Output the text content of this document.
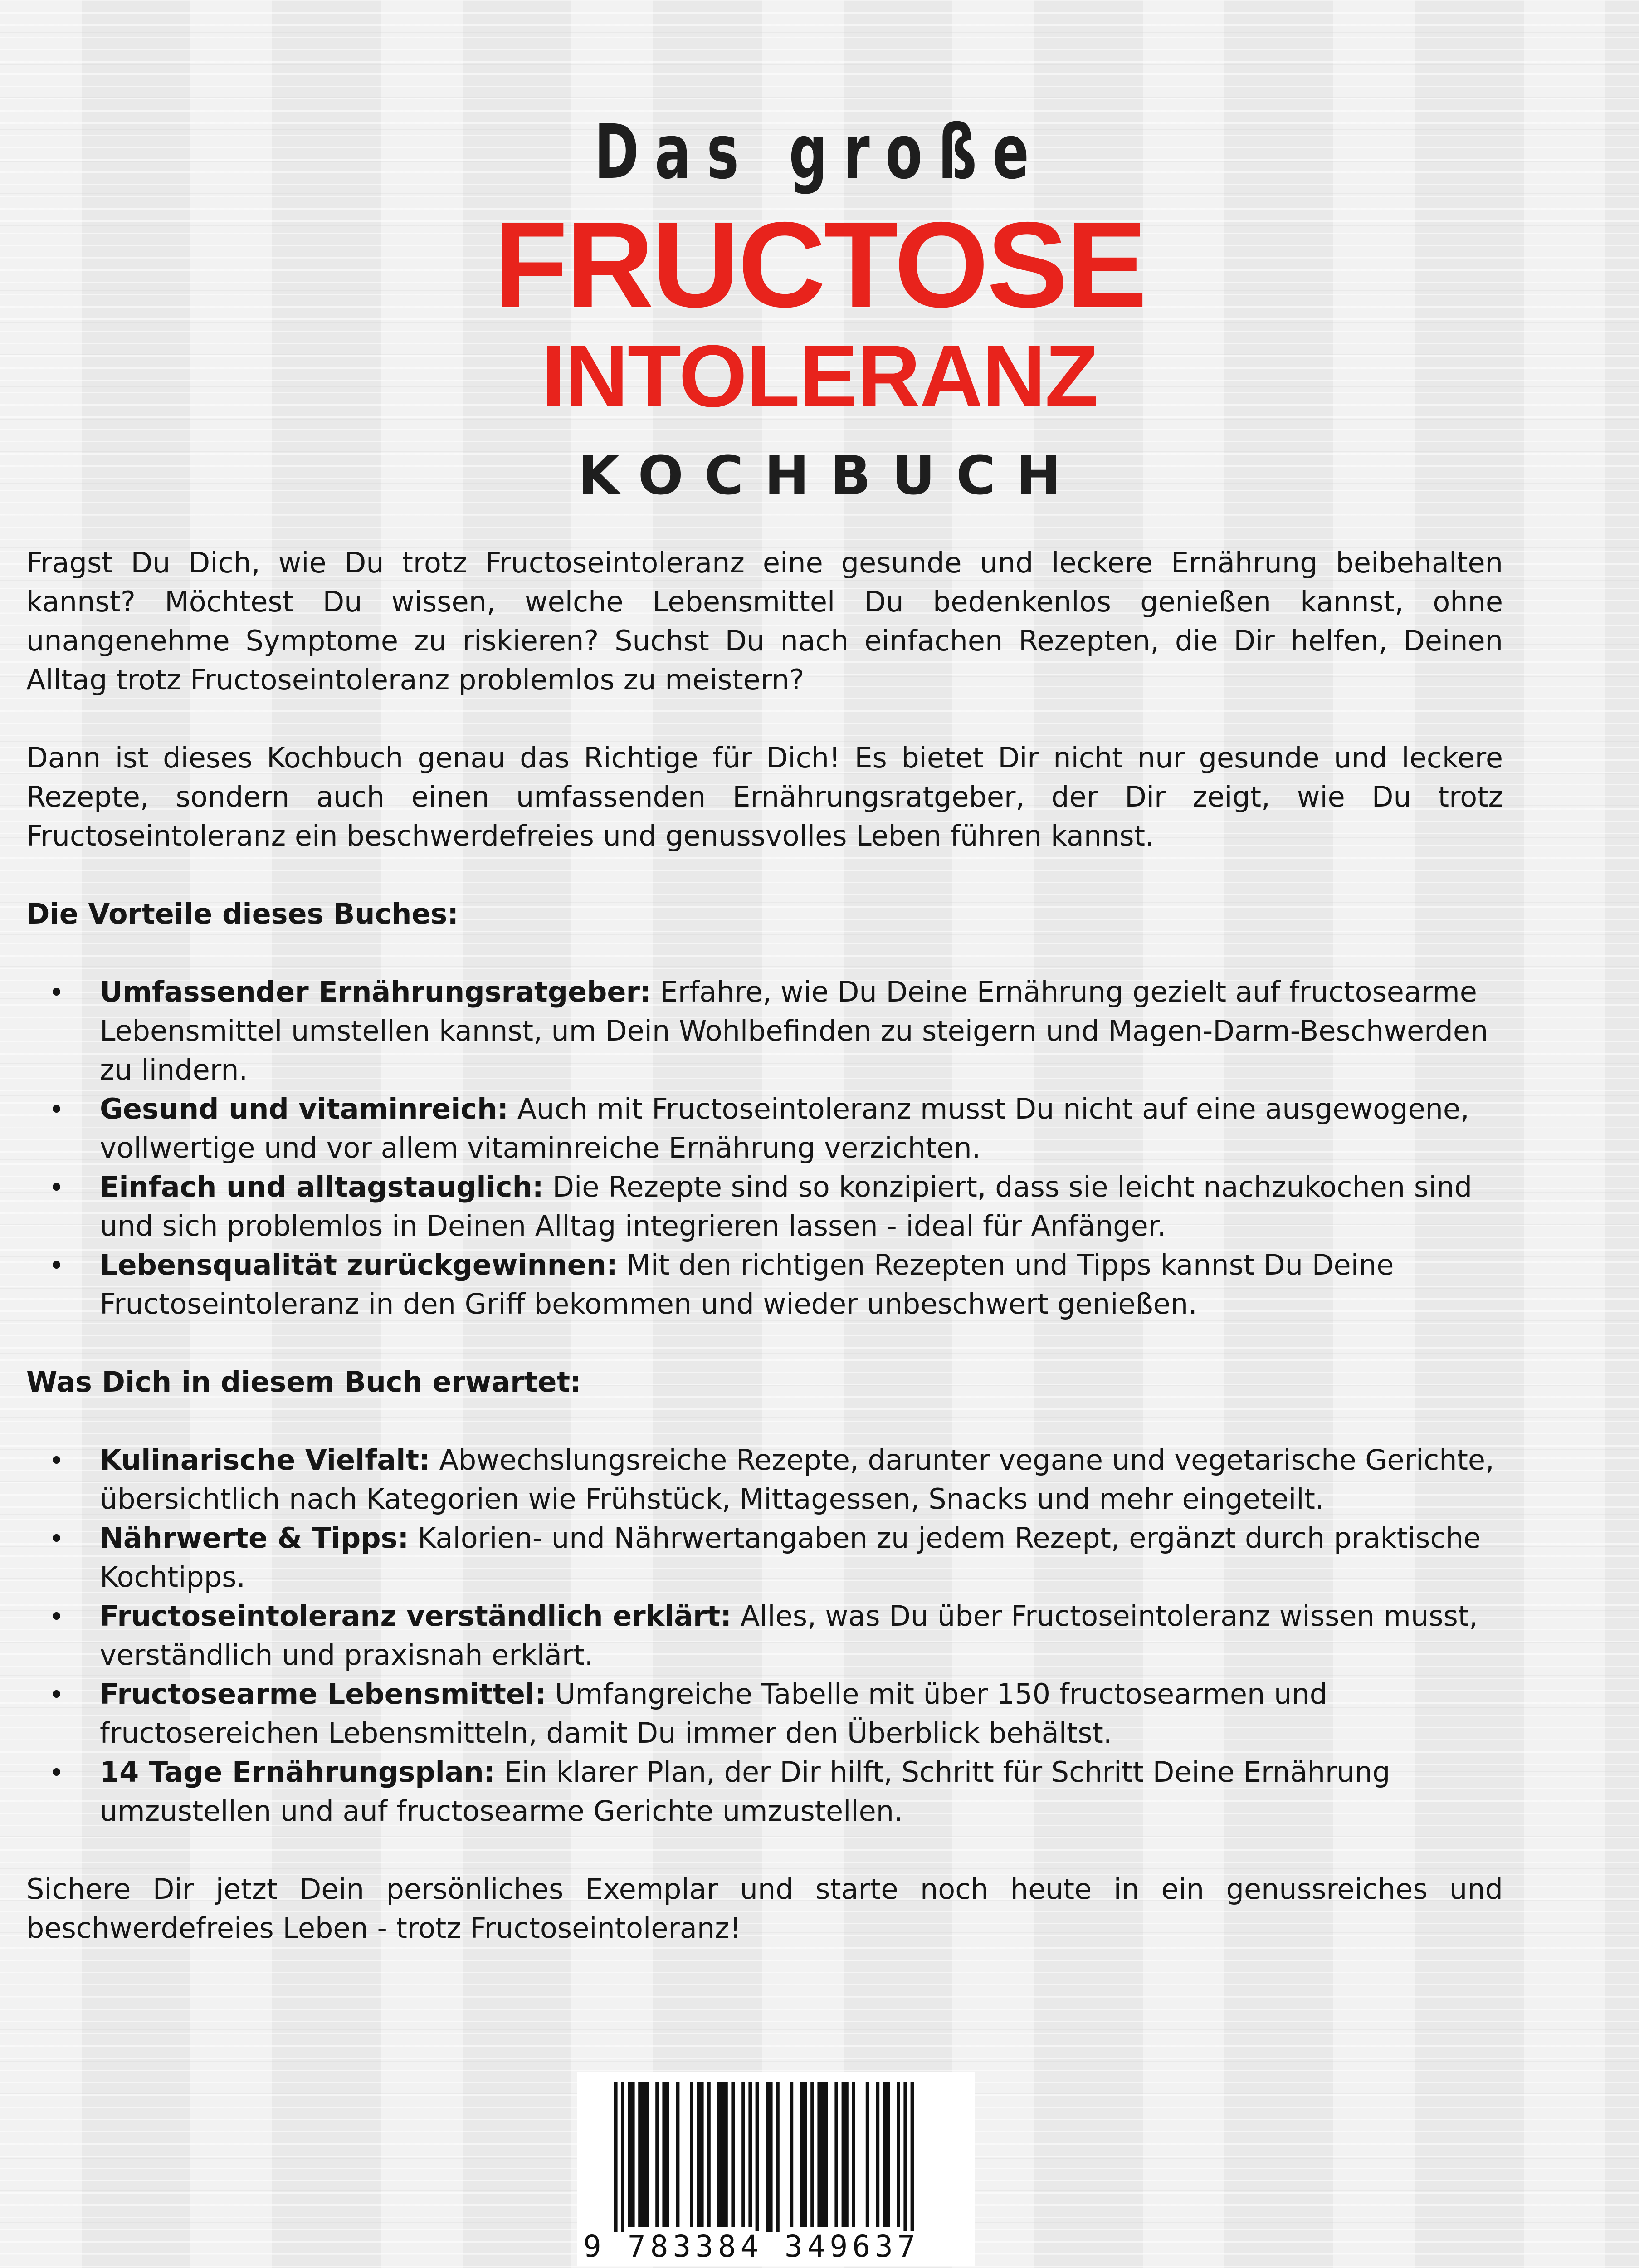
Das große
FRUCTOSE
INTOLERANZ
KOCHBUCH

Fragst Du Dich, wie Du trotz Fructoseintoleranz eine gesunde und leckere Ernährung beibehalten kannst? Möchtest Du wissen, welche Lebensmittel Du bedenkenlos genießen kannst, ohne unangenehme Symptome zu riskieren? Suchst Du nach einfachen Rezepten, die Dir helfen, Deinen Alltag trotz Fructoseintoleranz problemlos zu meistern?

Dann ist dieses Kochbuch genau das Richtige für Dich! Es bietet Dir nicht nur gesunde und leckere Rezepte, sondern auch einen umfassenden Ernährungsratgeber, der Dir zeigt, wie Du trotz Fructoseintoleranz ein beschwerdefreies und genussvolles Leben führen kannst.

Die Vorteile dieses Buches:
Umfassender Ernährungsratgeber: Erfahre, wie Du Deine Ernährung gezielt auf fructosearme Lebensmittel umstellen kannst, um Dein Wohlbefinden zu steigern und Magen-Darm-Beschwerden zu lindern.
Gesund und vitaminreich: Auch mit Fructoseintoleranz musst Du nicht auf eine ausgewogene, vollwertige und vor allem vitaminreiche Ernährung verzichten.
Einfach und alltagstauglich: Die Rezepte sind so konzipiert, dass sie leicht nachzukochen sind und sich problemlos in Deinen Alltag integrieren lassen - ideal für Anfänger.
Lebensqualität zurückgewinnen: Mit den richtigen Rezepten und Tipps kannst Du Deine Fructoseintoleranz in den Griff bekommen und wieder unbeschwert genießen.
Was Dich in diesem Buch erwartet:
Kulinarische Vielfalt: Abwechslungsreiche Rezepte, darunter vegane und vegetarische Gerichte, übersichtlich nach Kategorien wie Frühstück, Mittagessen, Snacks und mehr eingeteilt.
Nährwerte & Tipps: Kalorien- und Nährwertangaben zu jedem Rezept, ergänzt durch praktische Kochtipps.
Fructoseintoleranz verständlich erklärt: Alles, was Du über Fructoseintoleranz wissen musst, verständlich und praxisnah erklärt.
Fructosearme Lebensmittel: Umfangreiche Tabelle mit über 150 fructosearmen und fructosereichen Lebensmitteln, damit Du immer den Überblick behältst.
14 Tage Ernährungsplan: Ein klarer Plan, der Dir hilft, Schritt für Schritt Deine Ernährung umzustellen und auf fructosearme Gerichte umzustellen.

Sichere Dir jetzt Dein persönliches Exemplar und starte noch heute in ein genussreiches und beschwerdefreies Leben - trotz Fructoseintoleranz!

9 783384 349637
